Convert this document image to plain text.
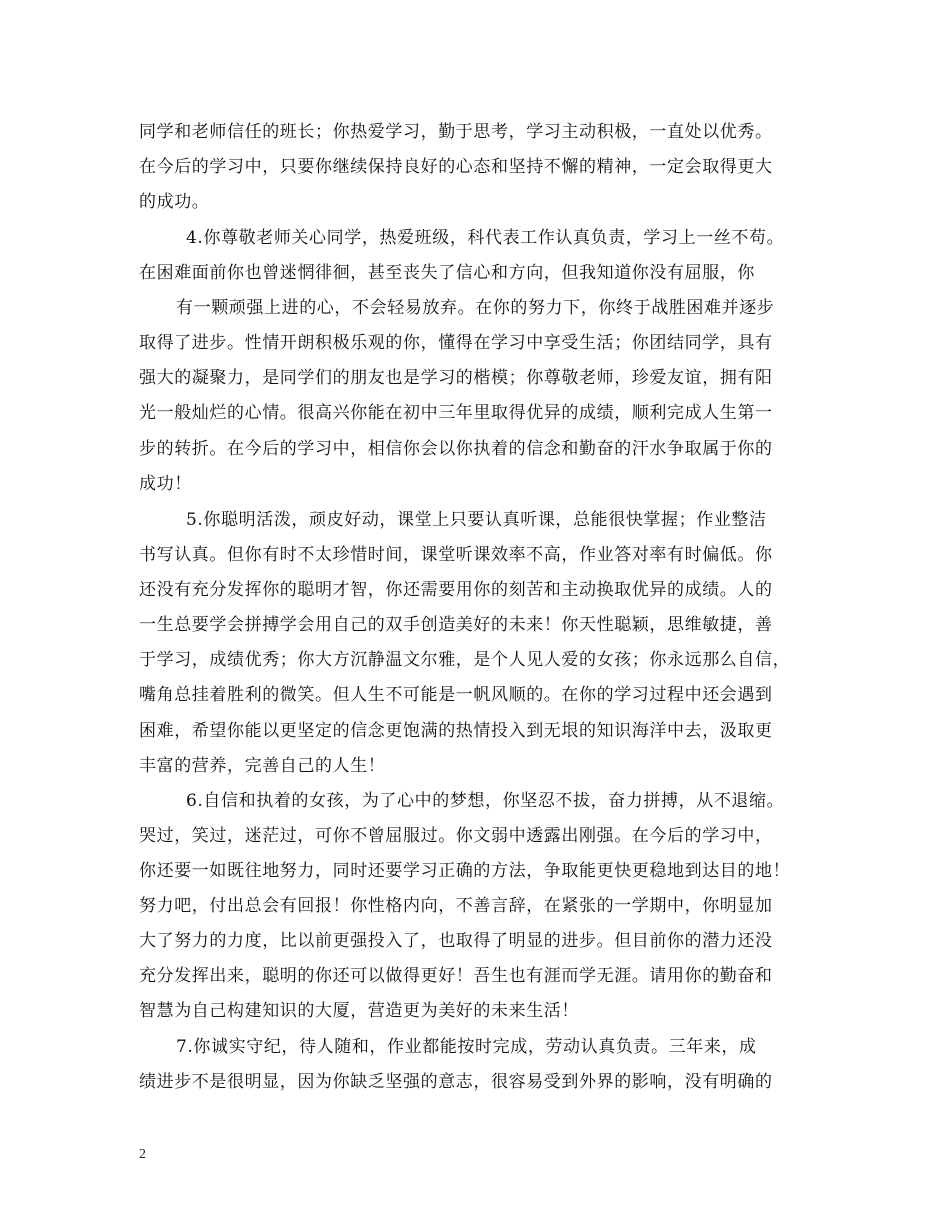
同学和老师信任的班长；你热爱学习，勤于思考，学习主动积极，一直处以优秀。
在今后的学习中，只要你继续保持良好的心态和坚持不懈的精神，一定会取得更大
的成功。
4.你尊敬老师关心同学，热爱班级，科代表工作认真负责，学习上一丝不苟。
在困难面前你也曾迷惘徘徊，甚至丧失了信心和方向，但我知道你没有屈服，你
有一颗顽强上进的心，不会轻易放弃。在你的努力下，你终于战胜困难并逐步
取得了进步。性情开朗积极乐观的你，懂得在学习中享受生活；你团结同学，具有
强大的凝聚力，是同学们的朋友也是学习的楷模；你尊敬老师，珍爱友谊，拥有阳
光一般灿烂的心情。很高兴你能在初中三年里取得优异的成绩，顺利完成人生第一
步的转折。在今后的学习中，相信你会以你执着的信念和勤奋的汗水争取属于你的
成功！
5.你聪明活泼，顽皮好动，课堂上只要认真听课，总能很快掌握；作业整洁
书写认真。但你有时不太珍惜时间，课堂听课效率不高，作业答对率有时偏低。你
还没有充分发挥你的聪明才智，你还需要用你的刻苦和主动换取优异的成绩。人的
一生总要学会拼搏学会用自己的双手创造美好的未来！你天性聪颖，思维敏捷，善
于学习，成绩优秀；你大方沉静温文尔雅，是个人见人爱的女孩；你永远那么自信，
嘴角总挂着胜利的微笑。但人生不可能是一帆风顺的。在你的学习过程中还会遇到
困难，希望你能以更坚定的信念更饱满的热情投入到无垠的知识海洋中去，汲取更
丰富的营养，完善自己的人生！
6.自信和执着的女孩，为了心中的梦想，你坚忍不拔，奋力拼搏，从不退缩。
哭过，笑过，迷茫过，可你不曾屈服过。你文弱中透露出刚强。在今后的学习中，
你还要一如既往地努力，同时还要学习正确的方法，争取能更快更稳地到达目的地！
努力吧，付出总会有回报！你性格内向，不善言辞，在紧张的一学期中，你明显加
大了努力的力度，比以前更强投入了，也取得了明显的进步。但目前你的潜力还没
充分发挥出来，聪明的你还可以做得更好！吾生也有涯而学无涯。请用你的勤奋和
智慧为自己构建知识的大厦，营造更为美好的未来生活！
7.你诚实守纪，待人随和，作业都能按时完成，劳动认真负责。三年来，成
绩进步不是很明显，因为你缺乏坚强的意志，很容易受到外界的影响，没有明确的
2
